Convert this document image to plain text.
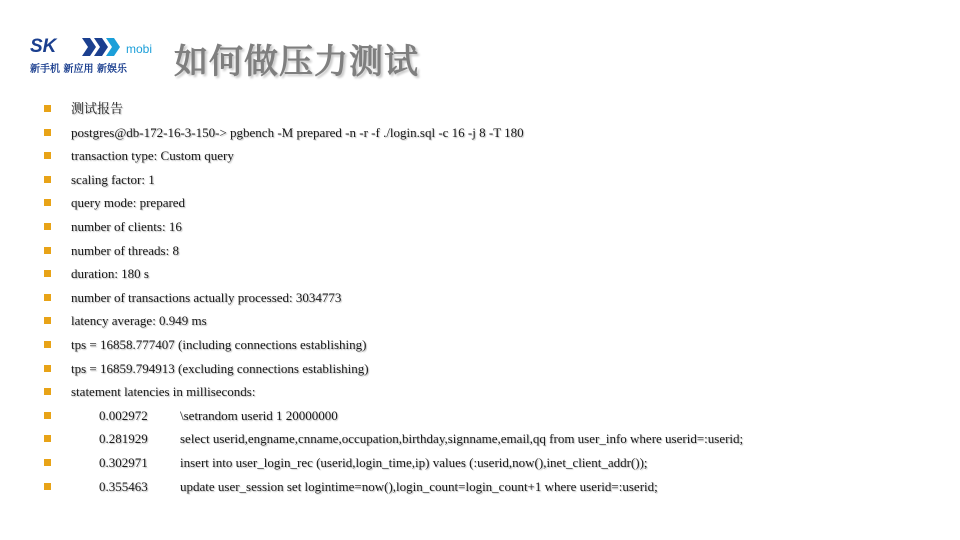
SK	mobi
新手机 新应用 新娱乐 如何做压力测试
测试报告
postgres@db-172-16-3-150-> pgbench -M prepared -n -r -f ./login.sql -c 16 -j 8 -T 180
transaction type: Custom query
scaling factor: 1
query mode: prepared
number of clients: 16
number of threads: 8
duration: 180 s
number of transactions actually processed: 3034773
latency average: 0.949 ms
tps = 16858.777407 (including connections establishing)
tps = 16859.794913 (excluding connections establishing)
statement latencies in milliseconds:
0.002972 \setrandom userid 1 20000000
0.281929 select userid,engname,cnname,occupation,birthday,signname,email,qq from user_info where userid=:userid;
0.302971 insert into user_login_rec (userid,login_time,ip) values (:userid,now(),inet_client_addr());
0.355463 update user_session set logintime=now(),login_count=login_count+1 where userid=:userid;
